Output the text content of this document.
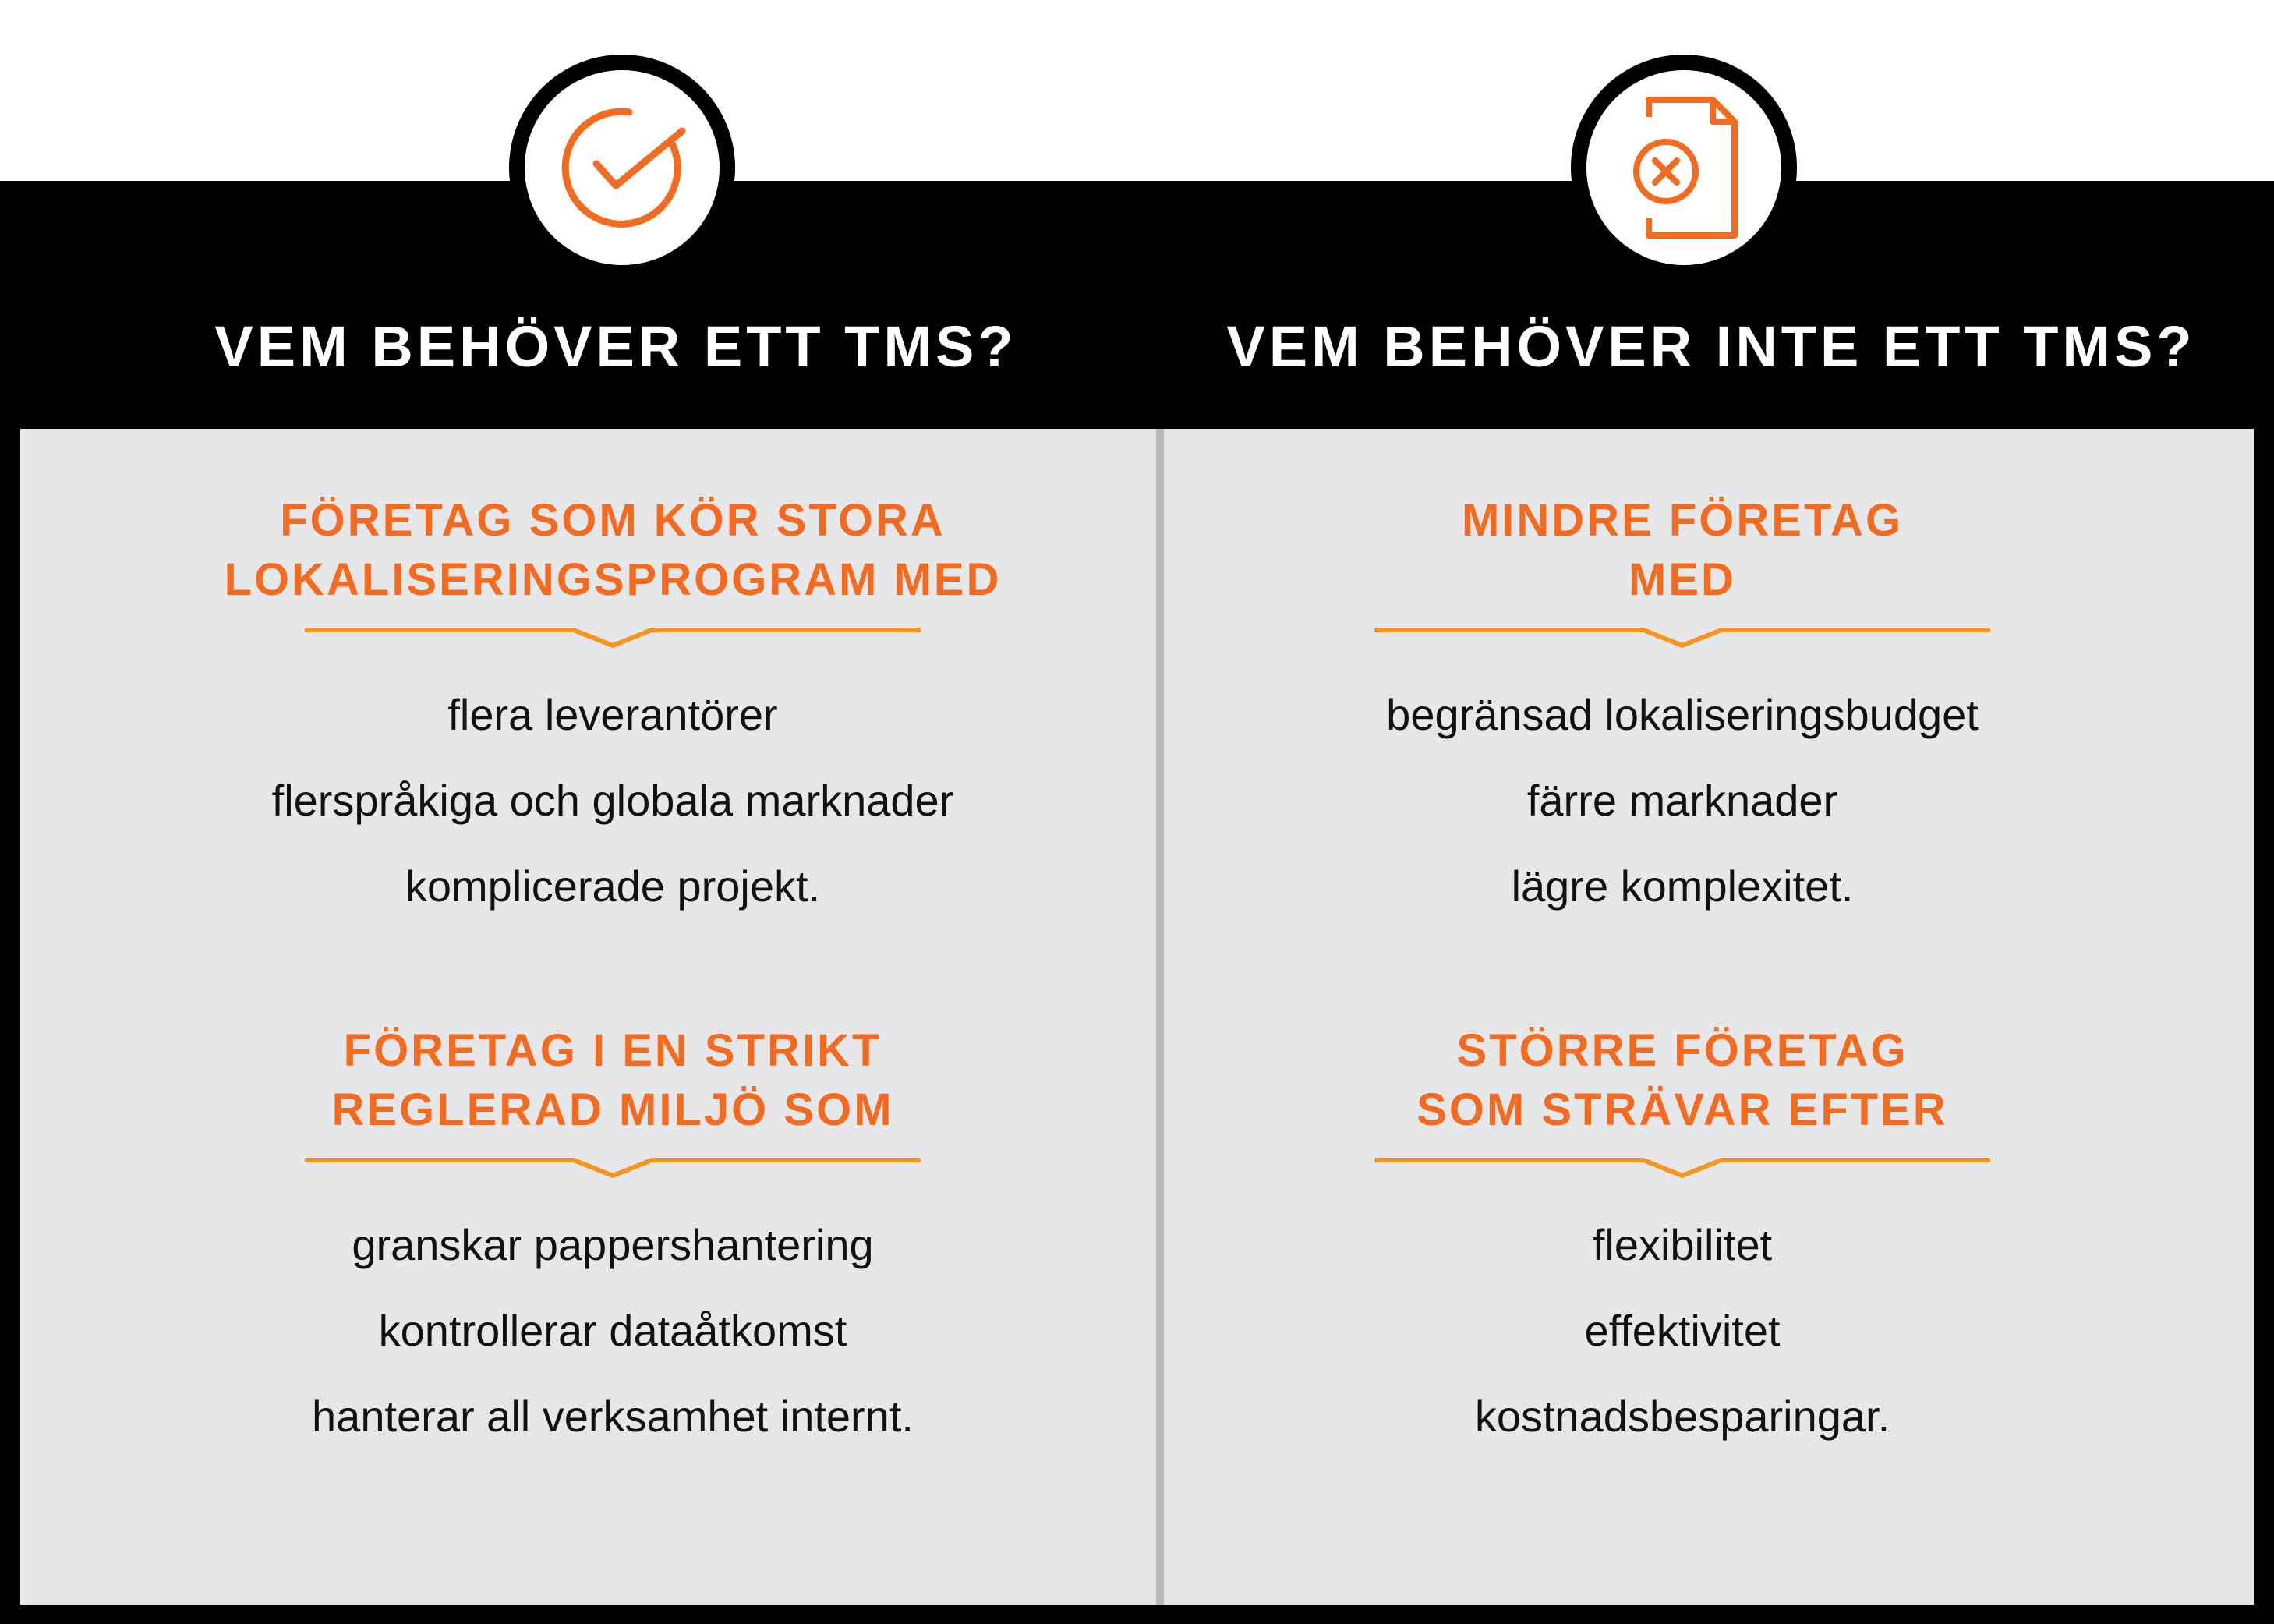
VEM BEHÖVER ETT TMS?	VEM BEHÖVER INTE ETT TMS?
FÖRETAG SOM KÖR STORA
LOKALISERINGSPROGRAM MED
flera leverantörer
flerspråkiga och globala marknader
komplicerade projekt.
FÖRETAG I EN STRIKT
REGLERAD MILJÖ SOM
granskar pappershantering
kontrollerar dataåtkomst
hanterar all verksamhet internt.
MINDRE FÖRETAG
MED
begränsad lokaliseringsbudget
färre marknader
lägre komplexitet.
STÖRRE FÖRETAG
SOM STRÄVAR EFTER
flexibilitet
effektivitet
kostnadsbesparingar.
